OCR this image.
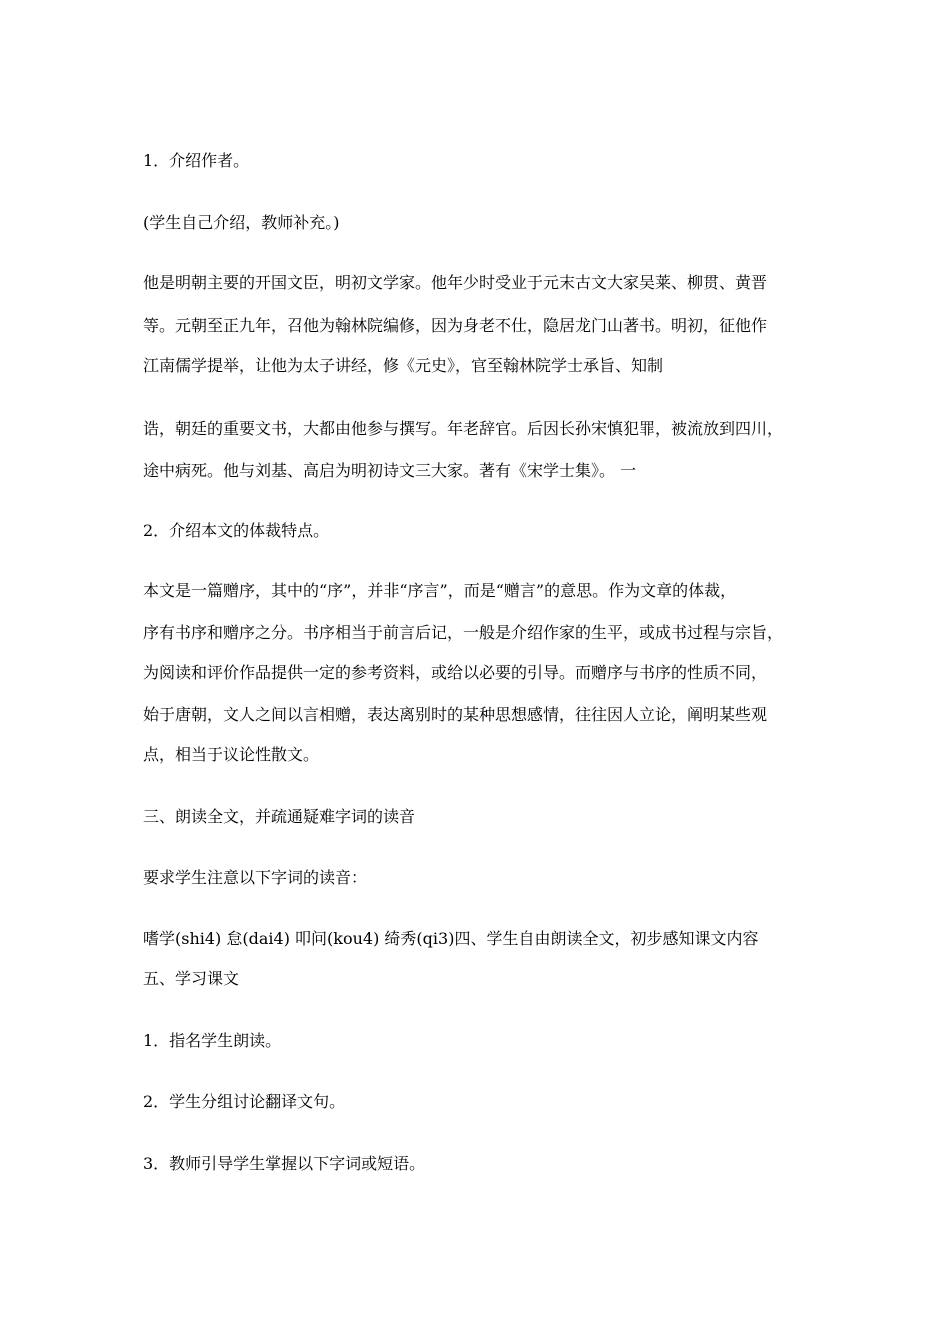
1．介绍作者。
(学生自己介绍，教师补充。)
他是明朝主要的开国文臣，明初文学家。他年少时受业于元末古文大家吴莱、柳贯、黄晋
等。元朝至正九年，召他为翰林院编修，因为身老不仕，隐居龙门山著书。明初，征他作
江南儒学提举，让他为太子讲经，修《元史》，官至翰林院学士承旨、知制
诰，朝廷的重要文书，大都由他参与撰写。年老辞官。后因长孙宋慎犯罪，被流放到四川，
途中病死。他与刘基、高启为明初诗文三大家。著有《宋学士集》。 一
2．介绍本文的体裁特点。
本文是一篇赠序，其中的“序”，并非“序言”，而是“赠言”的意思。作为文章的体裁，
序有书序和赠序之分。书序相当于前言后记，一般是介绍作家的生平，或成书过程与宗旨，
为阅读和评价作品提供一定的参考资料，或给以必要的引导。而赠序与书序的性质不同，
始于唐朝，文人之间以言相赠，表达离别时的某种思想感情，往往因人立论，阐明某些观
点，相当于议论性散文。
三、朗读全文，并疏通疑难字词的读音
要求学生注意以下字词的读音：
嗜学(shi4) 怠(dai4) 叩问(kou4) 绮秀(qi3)四、学生自由朗读全文，初步感知课文内容
五、学习课文
1．指名学生朗读。
2．学生分组讨论翻译文句。
3．教师引导学生掌握以下字词或短语。
